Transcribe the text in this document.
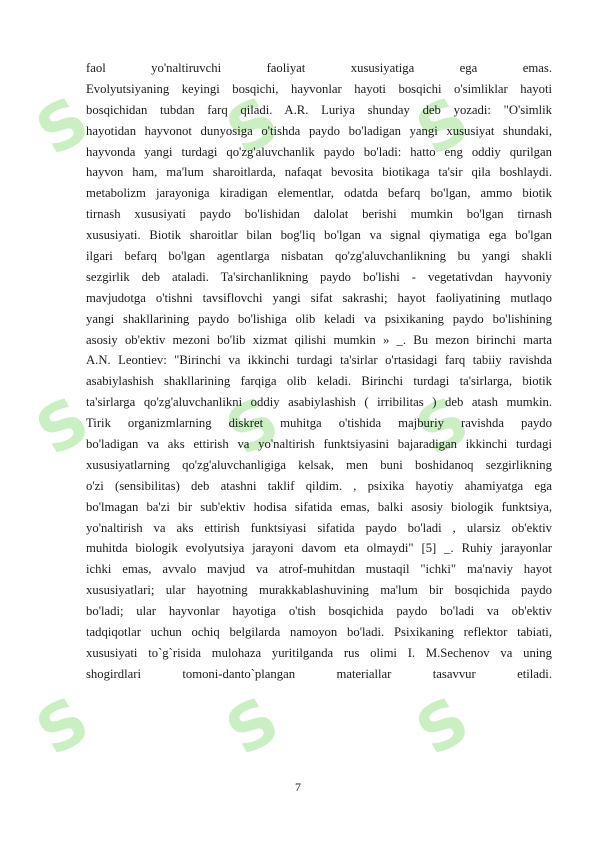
S S S
S S S
S S S
faol yo'naltiruvchi faoliyat xususiyatiga ega emas.
Evolyutsiyaning keyingi bosqichi, hayvonlar hayoti bosqichi o'simliklar hayoti
bosqichidan tubdan farq qiladi. A.R. Luriya shunday deb yozadi: "O'simlik
hayotidan hayvonot dunyosiga o'tishda paydo bo'ladigan yangi xususiyat shundaki,
hayvonda yangi turdagi qo'zg'aluvchanlik paydo bo'ladi: hatto eng oddiy qurilgan
hayvon ham, ma'lum sharoitlarda, nafaqat bevosita biotikaga ta'sir qila boshlaydi.
metabolizm jarayoniga kiradigan elementlar, odatda befarq bo'lgan, ammo biotik
tirnash xususiyati paydo bo'lishidan dalolat berishi mumkin bo'lgan tirnash
xususiyati. Biotik sharoitlar bilan bog'liq bo'lgan va signal qiymatiga ega bo'lgan
ilgari befarq bo'lgan agentlarga nisbatan qo'zg'aluvchanlikning bu yangi shakli
sezgirlik deb ataladi. Ta'sirchanlikning paydo bo'lishi - vegetativdan hayvoniy
mavjudotga o'tishni tavsiflovchi yangi sifat sakrashi; hayot faoliyatining mutlaqo
yangi shakllarining paydo bo'lishiga olib keladi va psixikaning paydo bo'lishining
asosiy ob'ektiv mezoni bo'lib xizmat qilishi mumkin » _. Bu mezon birinchi marta
A.N. Leontiev: "Birinchi va ikkinchi turdagi ta'sirlar o'rtasidagi farq tabiiy ravishda
asabiylashish shakllarining farqiga olib keladi. Birinchi turdagi ta'sirlarga, biotik
ta'sirlarga qo'zg'aluvchanlikni oddiy asabiylashish ( irribilitas ) deb atash mumkin.
Tirik organizmlarning diskret muhitga o'tishida majburiy ravishda paydo
bo'ladigan va aks ettirish va yo'naltirish funktsiyasini bajaradigan ikkinchi turdagi
xususiyatlarning qo'zg'aluvchanligiga kelsak, men buni boshidanoq sezgirlikning
o'zi (sensibilitas) deb atashni taklif qildim. , psixika hayotiy ahamiyatga ega
bo'lmagan ba'zi bir sub'ektiv hodisa sifatida emas, balki asosiy biologik funktsiya,
yo'naltirish va aks ettirish funktsiyasi sifatida paydo bo'ladi , ularsiz ob'ektiv
muhitda biologik evolyutsiya jarayoni davom eta olmaydi" [5] _. Ruhiy jarayonlar
ichki emas, avvalo mavjud va atrof-muhitdan mustaqil "ichki" ma'naviy hayot
xususiyatlari; ular hayotning murakkablashuvining ma'lum bir bosqichida paydo
bo'ladi; ular hayvonlar hayotiga o'tish bosqichida paydo bo'ladi va ob'ektiv
tadqiqotlar uchun ochiq belgilarda namoyon bo'ladi. Psixikaning reflektor tabiati,
xususiyati to`g`risida mulohaza yuritilganda rus olimi I. M.Sechenov va uning
shogirdlari tomoni-danto`plangan materiallar tasavvur etiladi.
7
